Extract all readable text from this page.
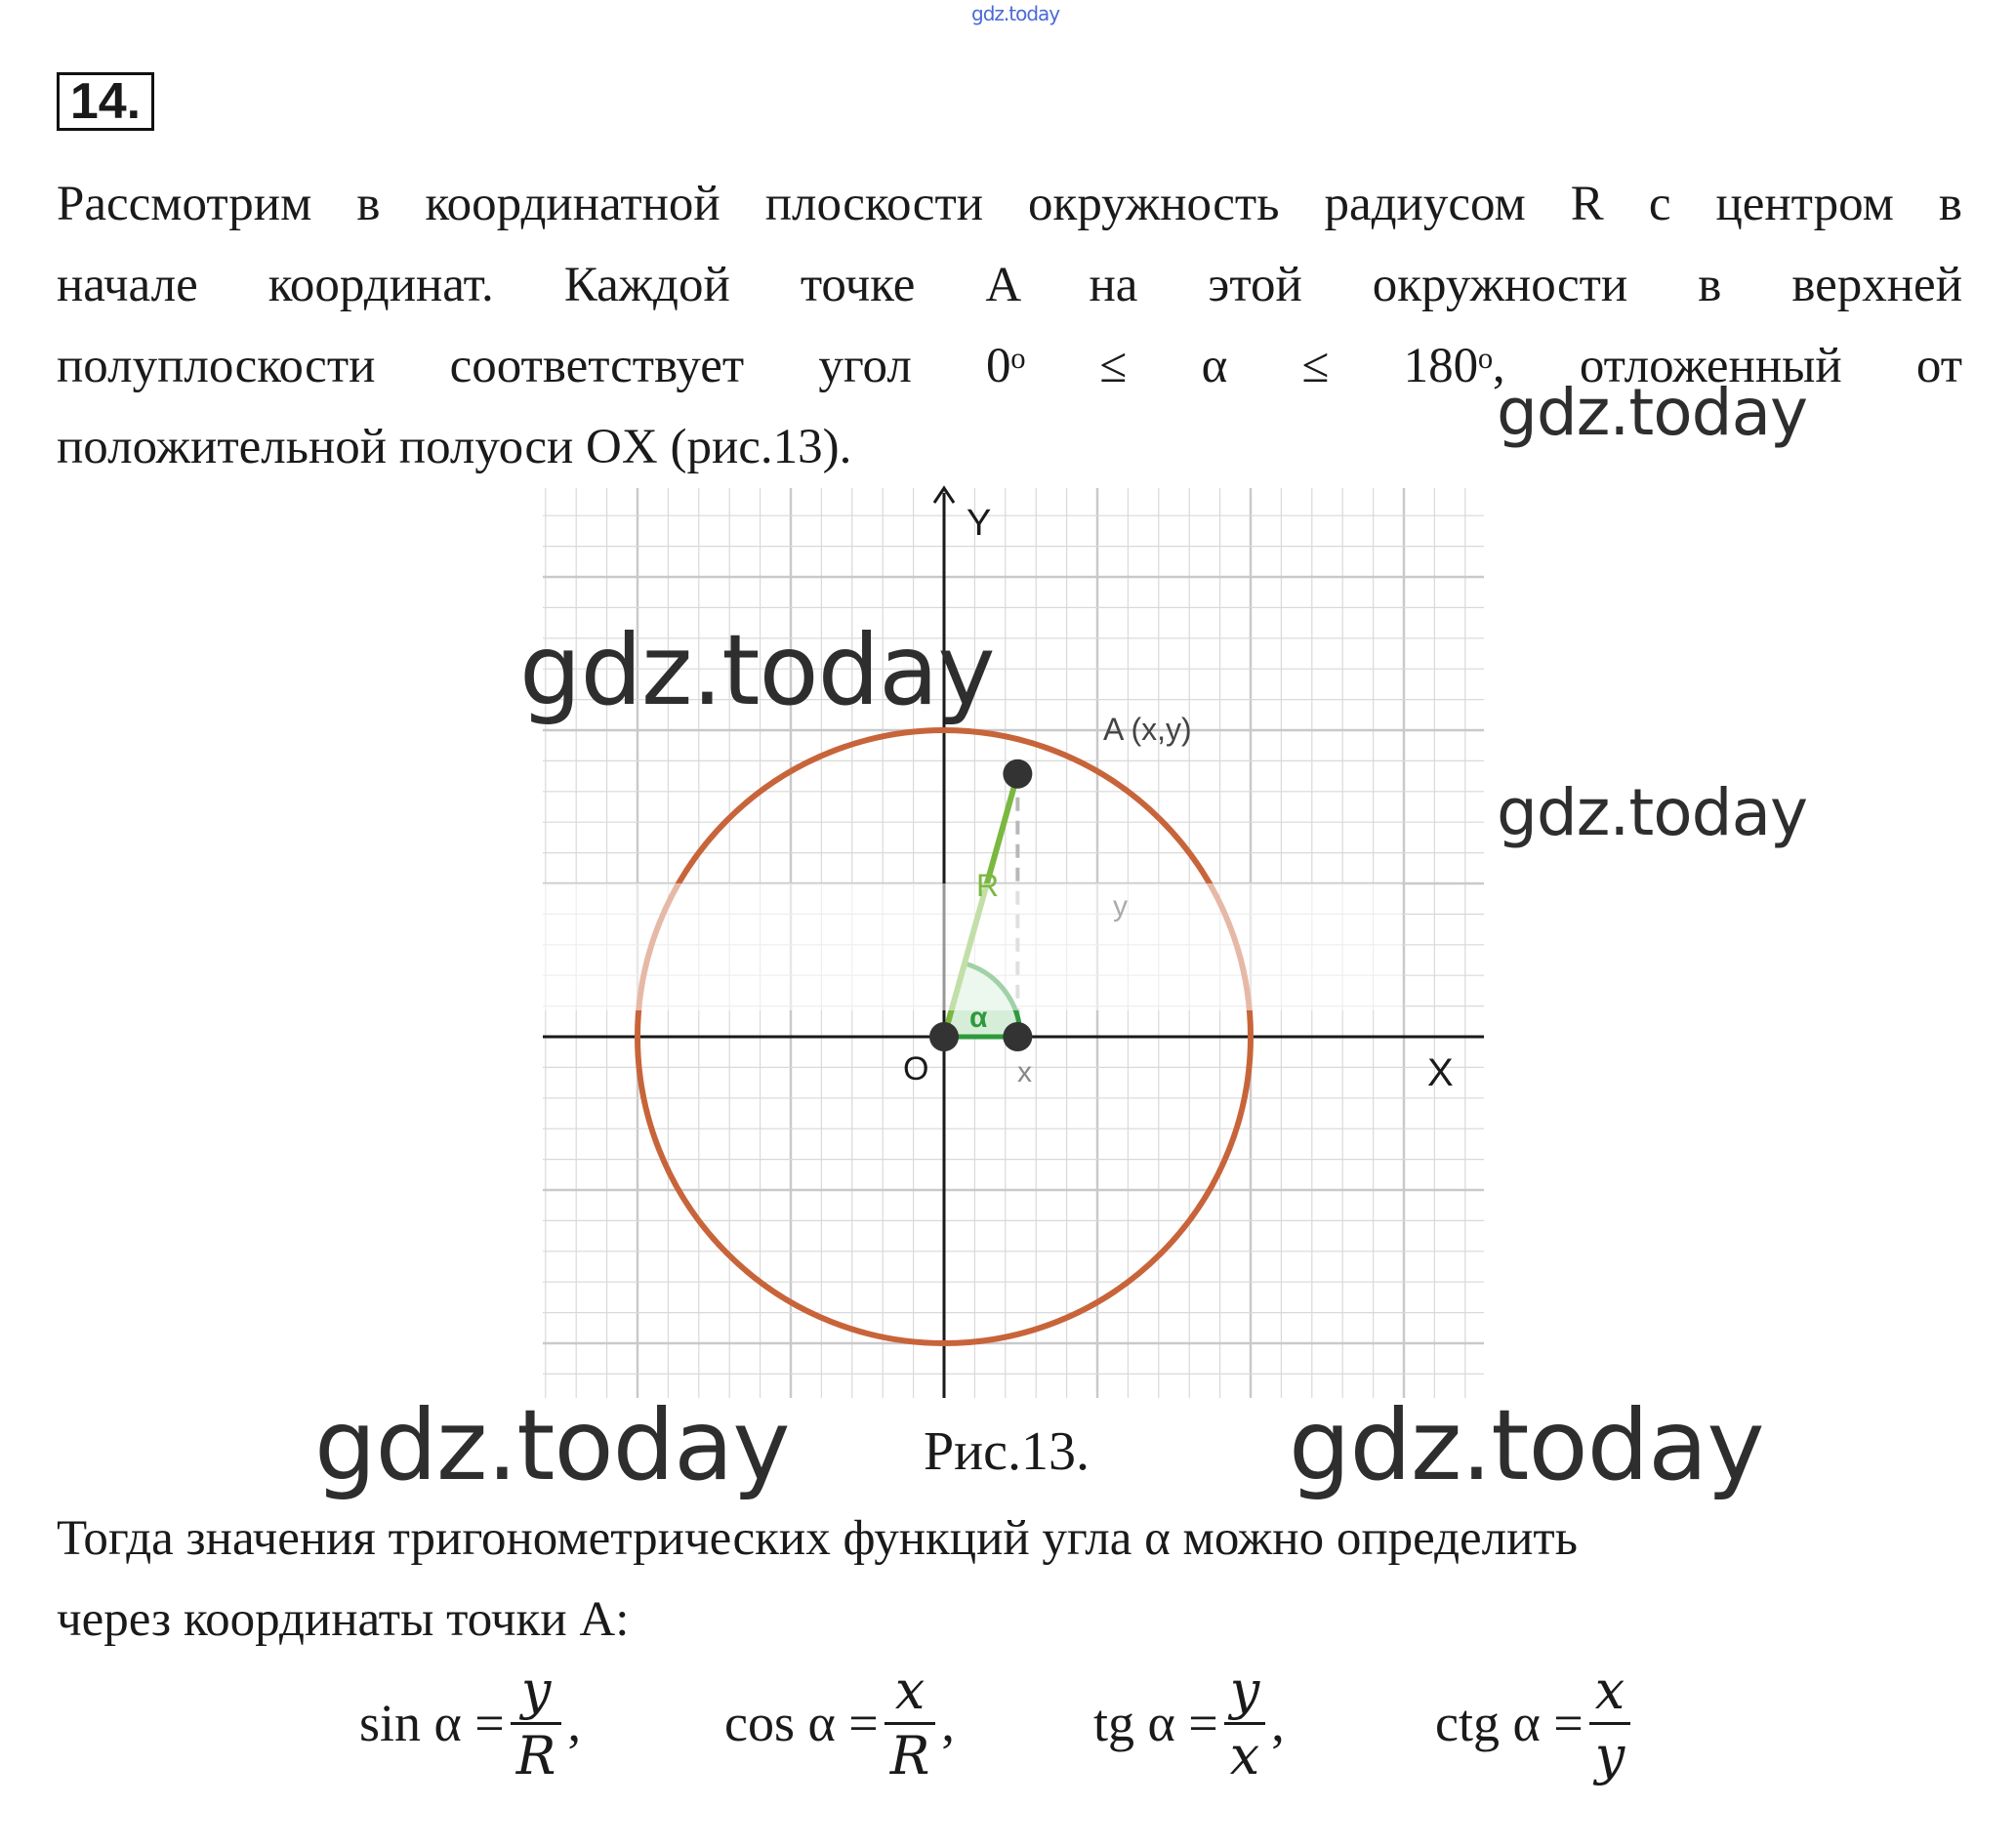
gdz.today
14.

Рассмотрим в координатной плоскости окружность радиусом R с центром в
начале координат. Каждой точке A на этой окружности в верхней
полуплоскости соответствует угол 0ᵒ ≤ α ≤ 180ᵒ, отложенный от
положительной полуоси OX (рис.13).

Y
X
O
A (x,y)
R
α
x
y
gdz.today
gdz.today
gdz.today
gdz.today	gdz.today
Рис.13.

Тогда значения тригонометрических функций угла α можно определить
через координаты точки A:

$\sin \alpha = \frac{y}{R}$ ,	$\cos \alpha = \frac{x}{R}$ ,	tg $\alpha = \frac{y}{x}$ ,	ctg $\alpha = \frac{x}{y}$
